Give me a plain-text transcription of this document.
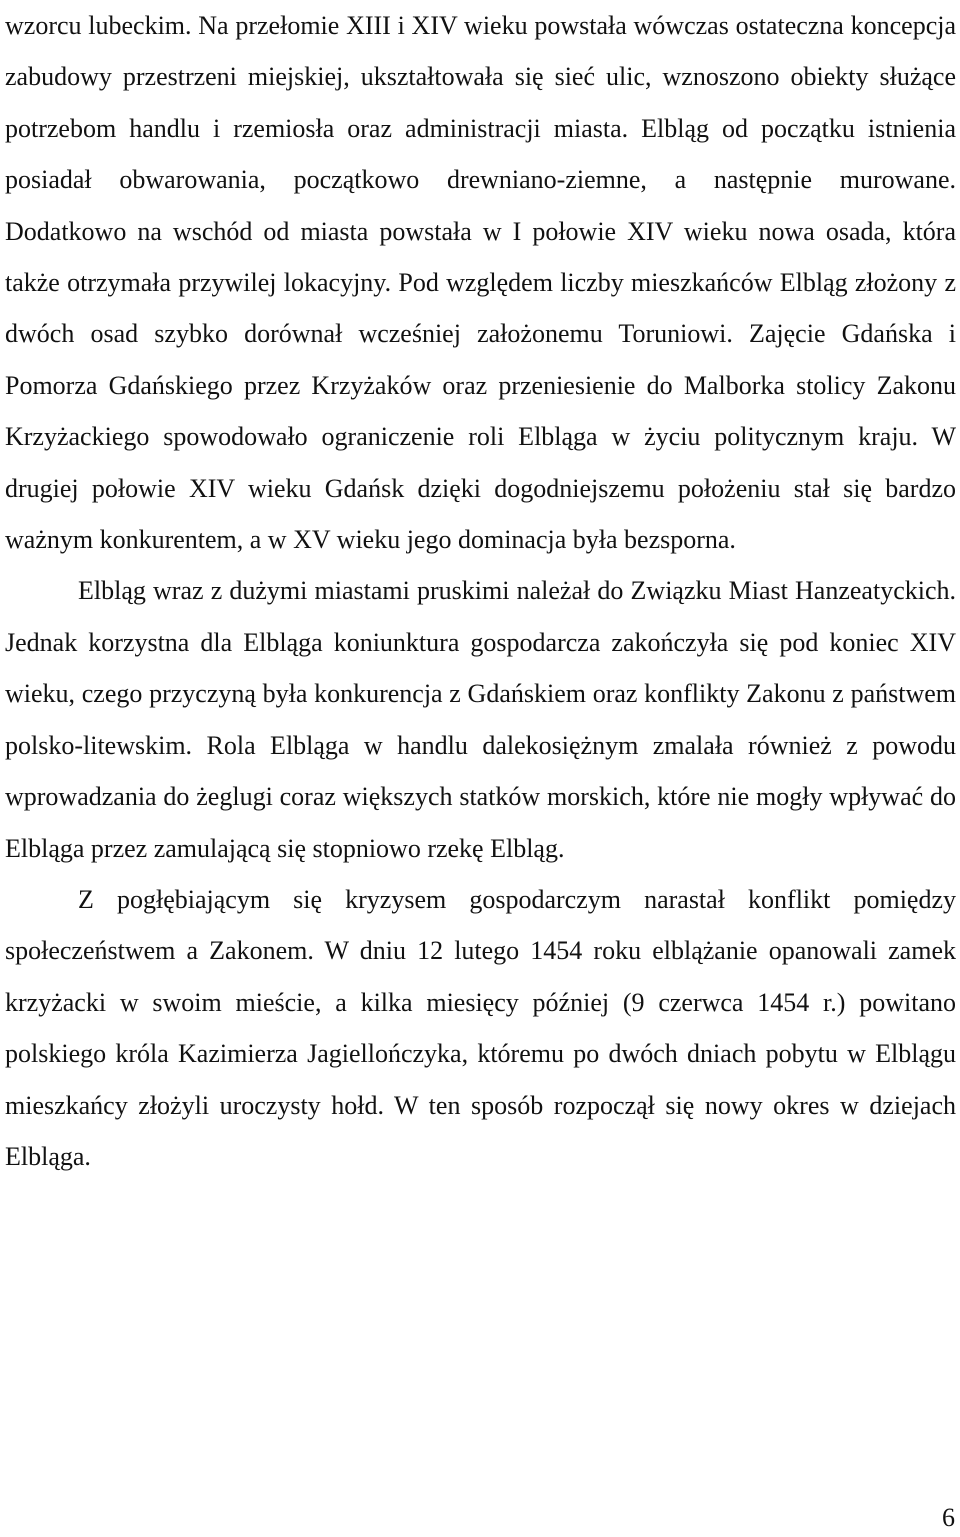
wzorcu lubeckim. Na przełomie XIII i XIV wieku powstała wówczas ostateczna koncepcja zabudowy przestrzeni miejskiej, ukształtowała się sieć ulic, wznoszono obiekty służące potrzebom handlu i rzemiosła oraz administracji miasta. Elbląg od początku istnienia posiadał obwarowania, początkowo drewniano-ziemne, a następnie murowane. Dodatkowo na wschód od miasta powstała w I połowie XIV wieku nowa osada, która także otrzymała przywilej lokacyjny. Pod względem liczby mieszkańców Elbląg złożony z dwóch osad szybko dorównał wcześniej założonemu Toruniowi. Zajęcie Gdańska i Pomorza Gdańskiego przez Krzyżaków oraz przeniesienie do Malborka stolicy Zakonu Krzyżackiego spowodowało ograniczenie roli Elbląga w życiu politycznym kraju. W drugiej połowie XIV wieku Gdańsk dzięki dogodniejszemu położeniu stał się bardzo ważnym konkurentem, a w XV wieku jego dominacja była bezsporna.

Elbląg wraz z dużymi miastami pruskimi należał do Związku Miast Hanzeatyckich. Jednak korzystna dla Elbląga koniunktura gospodarcza zakończyła się pod koniec XIV wieku, czego przyczyną była konkurencja z Gdańskiem oraz konflikty Zakonu z państwem polsko-litewskim. Rola Elbląga w handlu dalekosiężnym zmalała również z powodu wprowadzania do żeglugi coraz większych statków morskich, które nie mogły wpływać do Elbląga przez zamulającą się stopniowo rzekę Elbląg.

Z pogłębiającym się kryzysem gospodarczym narastał konflikt pomiędzy społeczeństwem a Zakonem. W dniu 12 lutego 1454 roku elblążanie opanowali zamek krzyżacki w swoim mieście, a kilka miesięcy później (9 czerwca 1454 r.) powitano polskiego króla Kazimierza Jagiellończyka, któremu po dwóch dniach pobytu w Elblągu mieszkańcy złożyli uroczysty hołd. W ten sposób rozpoczął się nowy okres w dziejach Elbląga.

6
